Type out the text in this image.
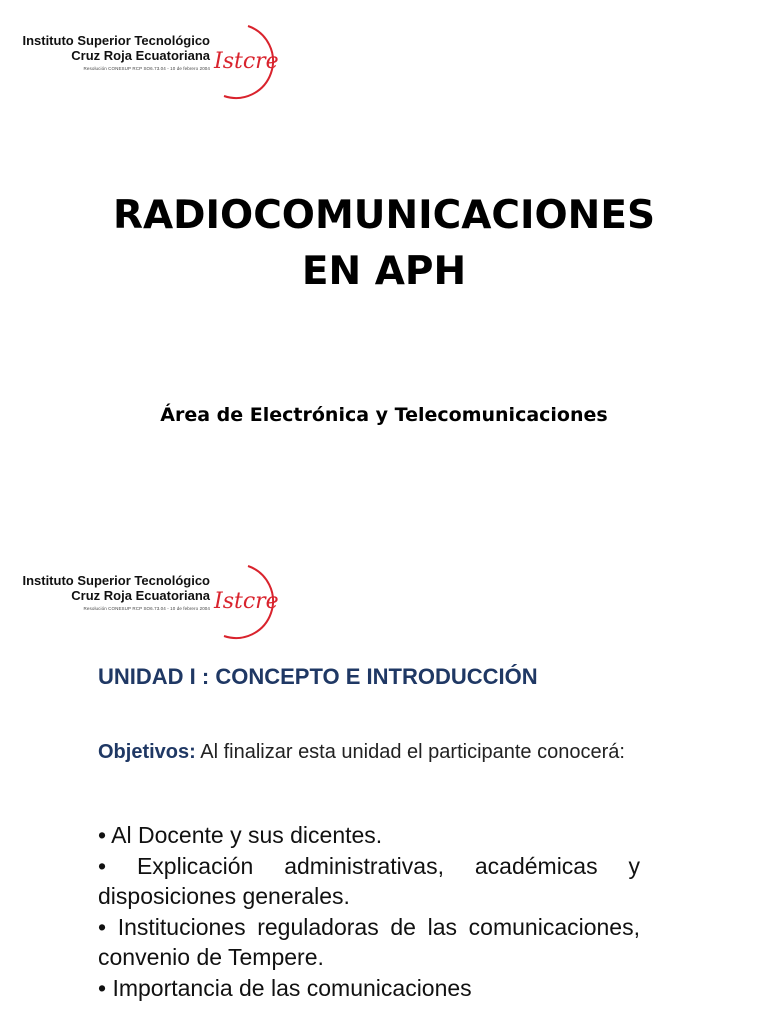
Instituto Superior Tecnológico
Cruz Roja Ecuatoriana
Resolución CONESUP RCP SO6.73.04 - 10 de febrero 2004 Istcre
RADIOCOMUNICACIONES
EN APH
Área de Electrónica y Telecomunicaciones
Instituto Superior Tecnológico
Cruz Roja Ecuatoriana
Resolución CONESUP RCP SO6.73.04 - 10 de febrero 2004 Istcre
UNIDAD I : CONCEPTO E INTRODUCCIÓN

Objetivos: Al finalizar esta unidad el participante conocerá:

• Al Docente y sus dicentes.
• Explicación administrativas, académicas y disposiciones generales.
• Instituciones reguladoras de las comunicaciones, convenio de Tempere.
• Importancia de las comunicaciones
